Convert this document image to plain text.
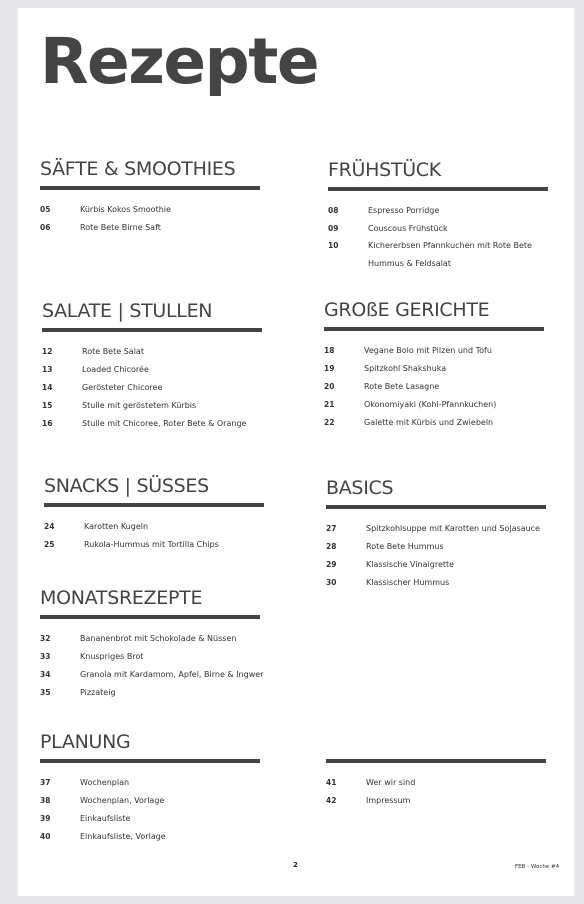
Rezepte
SÄFTE & SMOOTHIES
05	Kürbis Kokos Smoothie
06	Rote Bete Birne Saft
FRÜHSTÜCK
08	Espresso Porridge
09	Couscous Frühstück
10	Kichererbsen Pfannkuchen mit Rote Bete Hummus & Feldsalat
SALATE | STULLEN
12	Rote Bete Salat
13	Loaded Chicorée
14	Gerösteter Chicoree
15	Stulle mit geröstetem Kürbis
16	Stulle mit Chicoree, Roter Bete & Orange
GROßE GERICHTE
18	Vegane Bolo mit Pilzen und Tofu
19	Spitzkohl Shakshuka
20	Rote Bete Lasagne
21	Okonomiyaki (Kohl-Pfannkuchen)
22	Galette mit Kürbis und Zwiebeln
SNACKS | SÜSSES
24	Karotten Kugeln
25	Rukola-Hummus mit Tortilla Chips
BASICS
27	Spitzkohlsuppe mit Karotten und Sojasauce
28	Rote Bete Hummus
29	Klassische Vinaigrette
30	Klassischer Hummus
MONATSREZEPTE
32	Bananenbrot mit Schokolade & Nüssen
33	Knuspriges Brot
34	Granola mit Kardamom, Apfel, Birne & Ingwer
35	Pizzateig
PLANUNG
37	Wochenplan
38	Wochenplan, Vorlage
39	Einkaufsliste
40	Einkaufsliste, Vorlage
41	Wer wir sind
42	Impressum
2	FEB - Woche #4
